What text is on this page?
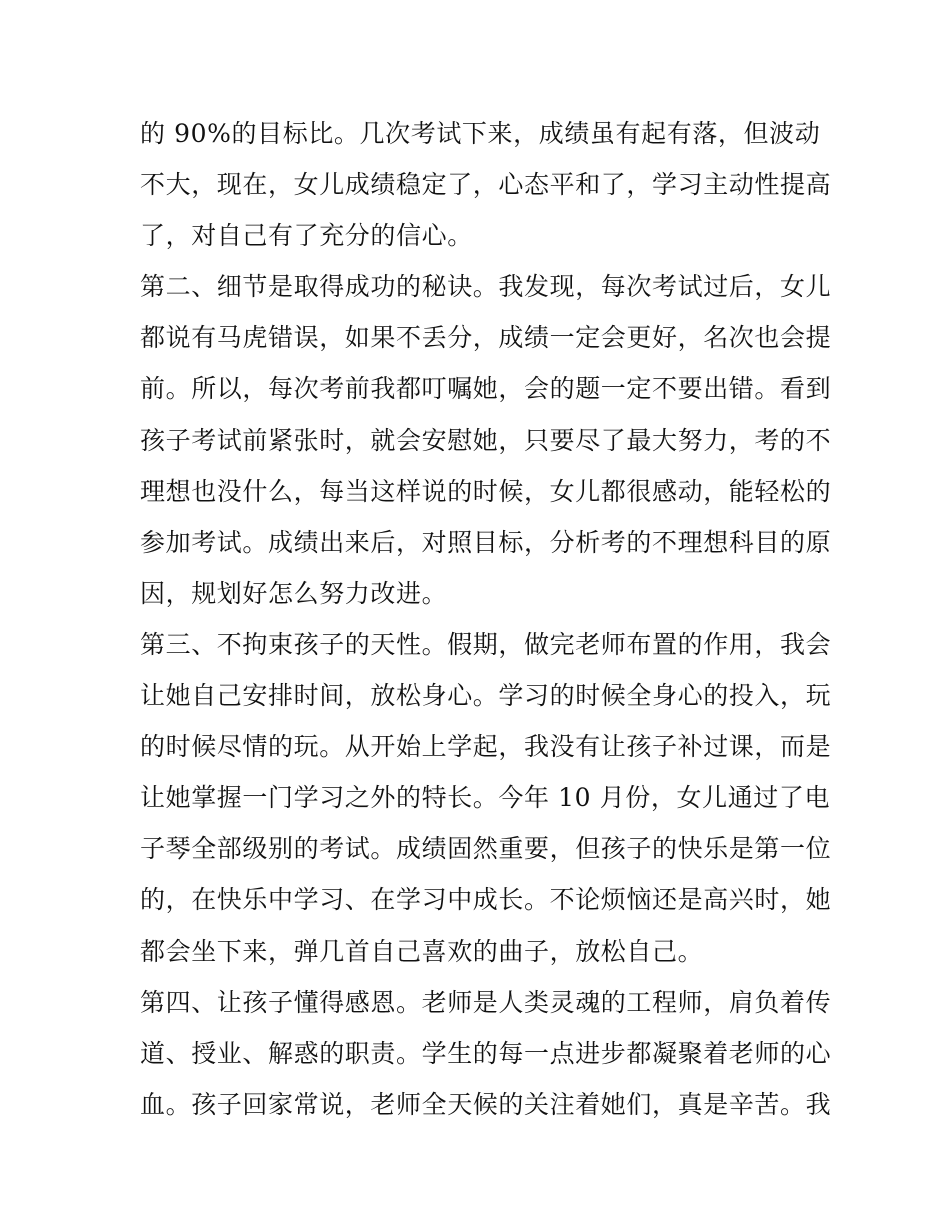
的 90%的目标比。几次考试下来，成绩虽有起有落，但波动
不大，现在，女儿成绩稳定了，心态平和了，学习主动性提高
了，对自己有了充分的信心。
第二、细节是取得成功的秘诀。我发现，每次考试过后，女儿
都说有马虎错误，如果不丢分，成绩一定会更好，名次也会提
前。所以，每次考前我都叮嘱她，会的题一定不要出错。看到
孩子考试前紧张时，就会安慰她，只要尽了最大努力，考的不
理想也没什么，每当这样说的时候，女儿都很感动，能轻松的
参加考试。成绩出来后，对照目标，分析考的不理想科目的原
因，规划好怎么努力改进。
第三、不拘束孩子的天性。假期，做完老师布置的作用，我会
让她自己安排时间，放松身心。学习的时候全身心的投入，玩
的时候尽情的玩。从开始上学起，我没有让孩子补过课，而是
让她掌握一门学习之外的特长。今年 10 月份，女儿通过了电
子琴全部级别的考试。成绩固然重要，但孩子的快乐是第一位
的，在快乐中学习、在学习中成长。不论烦恼还是高兴时，她
都会坐下来，弹几首自己喜欢的曲子，放松自己。
第四、让孩子懂得感恩。老师是人类灵魂的工程师，肩负着传
道、授业、解惑的职责。学生的每一点进步都凝聚着老师的心
血。孩子回家常说，老师全天候的关注着她们，真是辛苦。我
